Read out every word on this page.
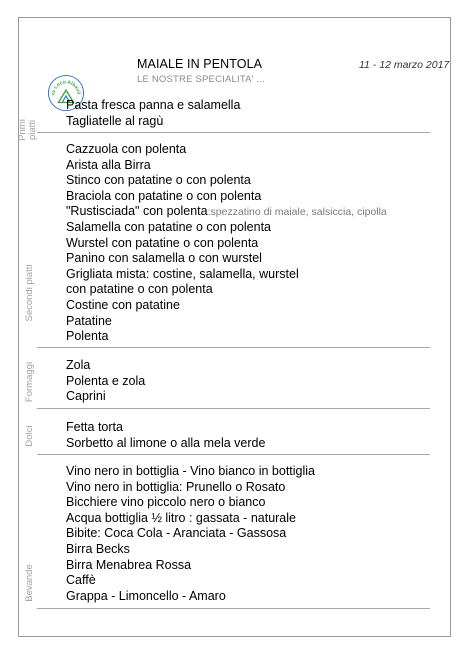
ro Loco Albavil
MAIALE IN PENTOLA
LE NOSTRE SPECIALITA' ...
11 - 12 marzo 2017
Primi piatti
Pasta fresca panna e salamella
Tagliatelle al ragù
Secondi piatti
Cazzuola con polenta
Arista alla Birra
Stinco con patatine o con polenta
Braciola con patatine o con polenta
"Rustisciada" con polenta:spezzatino di maiale, salsiccia, cipolla
Salamella con patatine o con polenta
Wurstel con patatine o con polenta
Panino con salamella o con wurstel
Grigliata mista: costine, salamella, wurstel
con patatine o con polenta
Costine con patatine
Patatine
Polenta
Formaggi Zola
Polenta e zola
Caprini
Dolci Fetta torta
Sorbetto al limone o alla mela verde
Bevande
Vino nero in bottiglia - Vino bianco in bottiglia
Vino nero in bottiglia: Prunello o Rosato
Bicchiere vino piccolo nero o bianco
Acqua bottiglia ½ litro : gassata - naturale
Bibite: Coca Cola - Aranciata - Gassosa
Birra Becks
Birra Menabrea Rossa
Caffè
Grappa - Limoncello - Amaro
